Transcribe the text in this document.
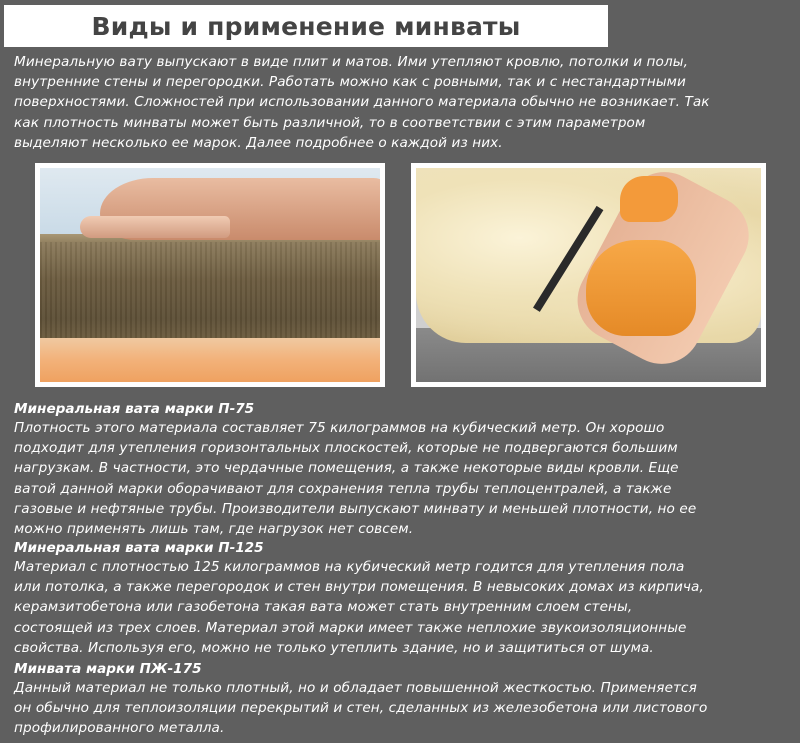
Виды и применение минваты

Минеральную вату выпускают в виде плит и матов. Ими утепляют кровлю, потолки и полы,
внутренние стены и перегородки. Работать можно как с ровными, так и с нестандартными
поверхностями. Сложностей при использовании данного материала обычно не возникает. Так
как плотность минваты может быть различной, то в соответствии с этим параметром
выделяют несколько ее марок. Далее подробнее о каждой из них.

Минеральная вата марки П-75

Плотность этого материала составляет 75 килограммов на кубический метр. Он хорошо
подходит для утепления горизонтальных плоскостей, которые не подвергаются большим
нагрузкам. В частности, это чердачные помещения, а также некоторые виды кровли. Еще
ватой данной марки оборачивают для сохранения тепла трубы теплоцентралей, а также
газовые и нефтяные трубы. Производители выпускают минвату и меньшей плотности, но ее
можно применять лишь там, где нагрузок нет совсем.

Минеральная вата марки П-125

Материал с плотностью 125 килограммов на кубический метр годится для утепления пола
или потолка, а также перегородок и стен внутри помещения. В невысоких домах из кирпича,
керамзитобетона или газобетона такая вата может стать внутренним слоем стены,
состоящей из трех слоев. Материал этой марки имеет также неплохие звукоизоляционные
свойства. Используя его, можно не только утеплить здание, но и защититься от шума.

Минвата марки ПЖ-175

Данный материал не только плотный, но и обладает повышенной жесткостью. Применяется
он обычно для теплоизоляции перекрытий и стен, сделанных из железобетона или листового
профилированного металла.
